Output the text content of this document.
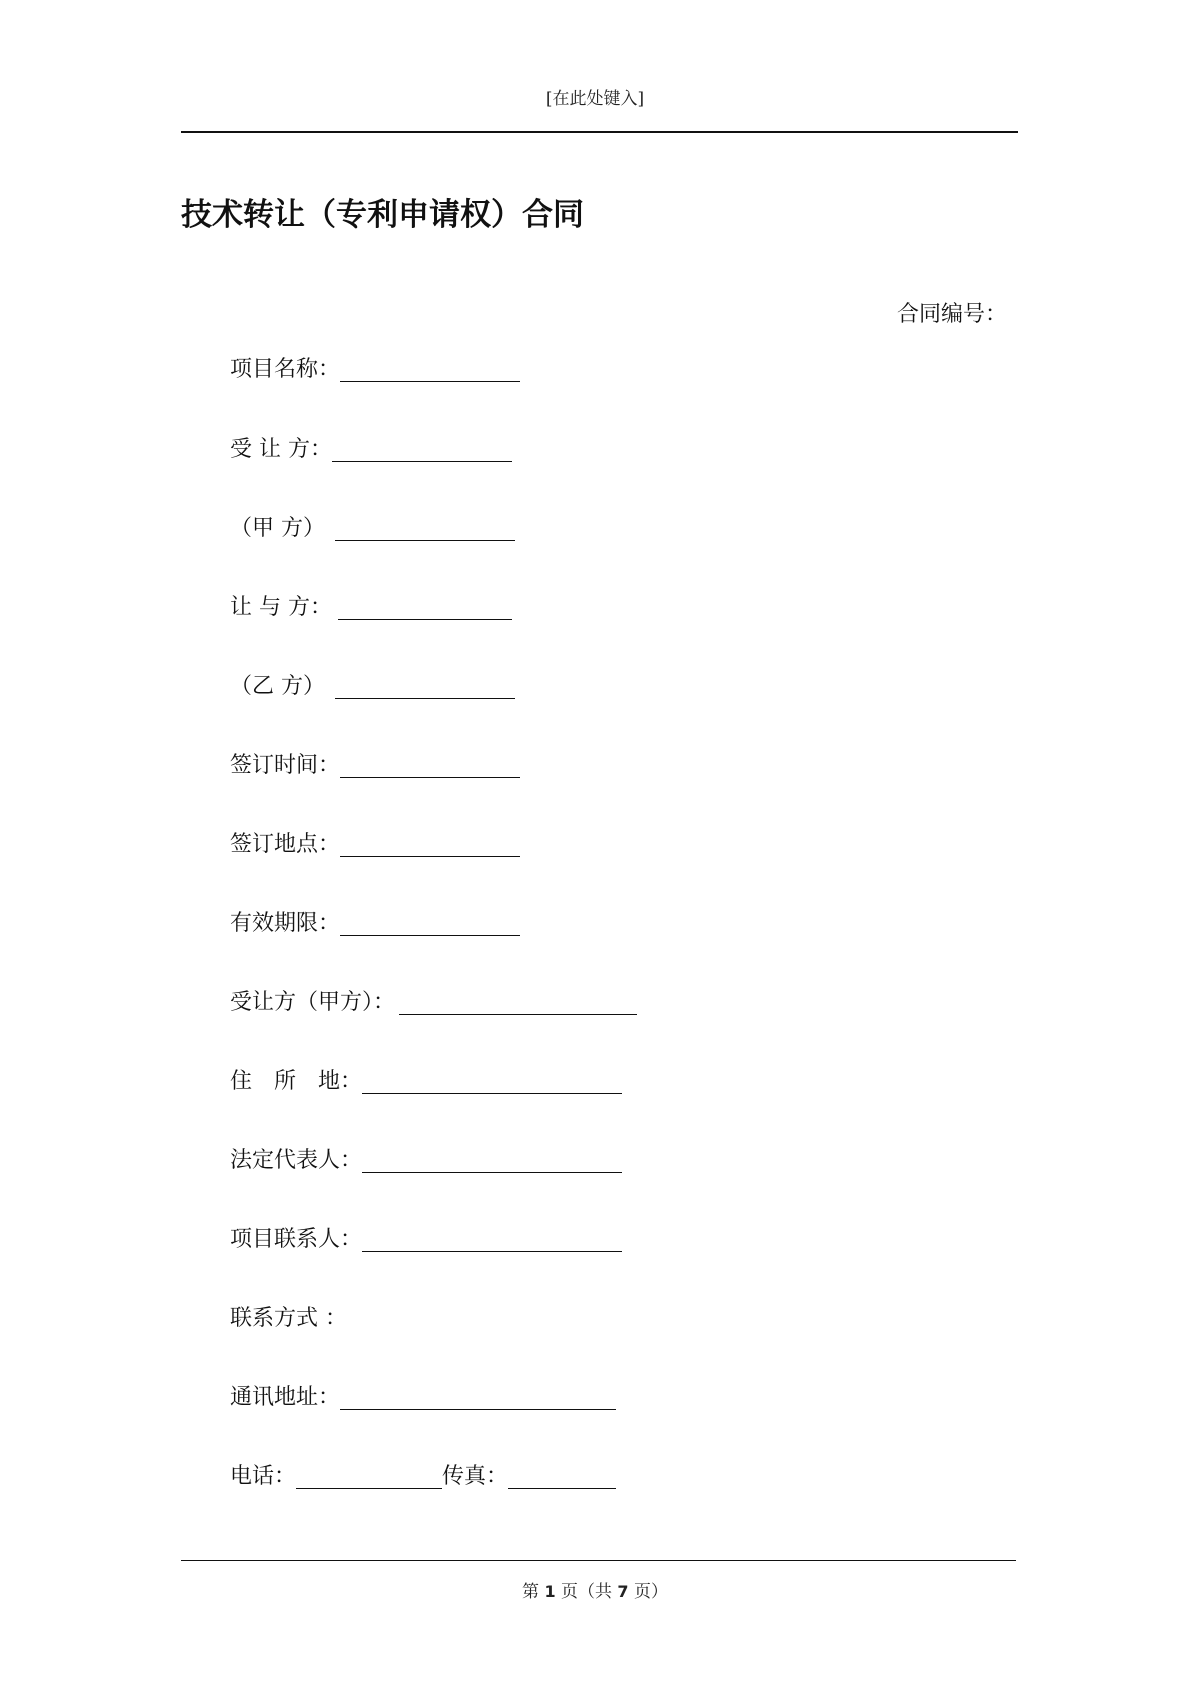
[在此处键入]
技术转让（专利申请权）合同
合同编号：
项目名称：
受 让 方：
（甲 方）
让 与 方：
（乙 方）
签订时间：
签订地点：
有效期限：
受让方（甲方）：
住　所　地：
法定代表人：
项目联系人：
联系方式 ：
通讯地址：
电话：	传真：
第 1 页（共 7 页）
